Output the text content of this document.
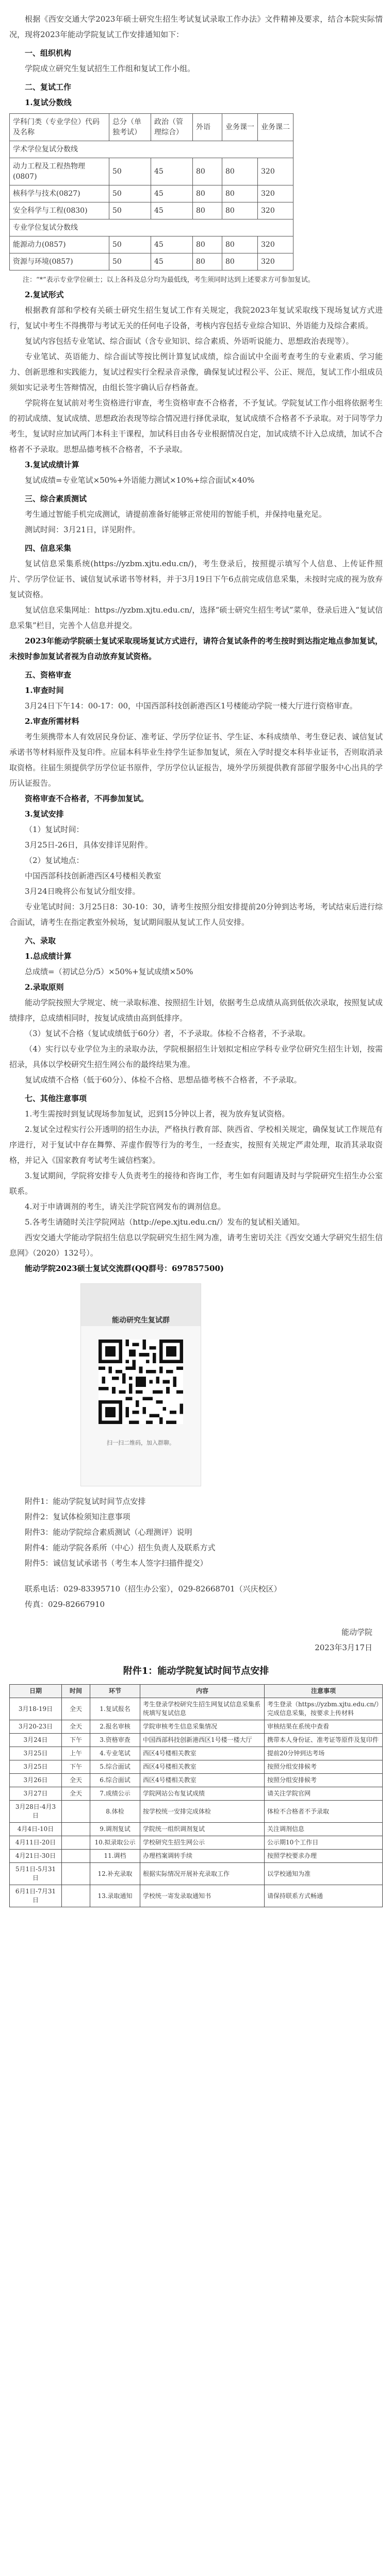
根据《西安交通大学2023年硕士研究生招生考试复试录取工作办法》文件精神及要求，结合本院实际情况，现将2023年能动学院复试工作安排通知如下：

一、组织机构

学院成立研究生复试招生工作组和复试工作小组。

二、复试工作

1.复试分数线

学科门类（专业学位）代码及名称	总分（单独考试）	政治（管理综合）	外语	业务课一	业务课二
学术学位复试分数线					
动力工程及工程热物理(0807)	50	45	80	80	320
核科学与技术(0827)	50	45	80	80	320
安全科学与工程(0830)	50	45	80	80	320
专业学位复试分数线					
能源动力(0857)	50	45	80	80	320
资源与环境(0857)	50	45	80	80	320

注：“*”表示专业学位硕士；以上各科及总分均为最低线，考生须同时达到上述要求方可参加复试。

2.复试形式

根据教育部和学校有关硕士研究生招生复试工作有关规定，我院2023年复试采取线下现场复试方式进行，复试中考生不得携带与考试无关的任何电子设备，考核内容包括专业综合知识、外语能力及综合素质。

复试内容包括专业笔试、综合面试（含专业知识、综合素质、外语听说能力、思想政治表现等）。

专业笔试、英语能力、综合面试等按比例计算复试成绩，综合面试中全面考查考生的专业素质、学习能力、创新思维和实践能力，复试过程实行全程录音录像，确保复试过程公平、公正、规范，复试工作小组成员须如实记录考生答辩情况，由组长签字确认后存档备查。

学院将在复试前对考生资格进行审查，考生资格审查不合格者，不予复试。学院复试工作小组将依据考生的初试成绩、复试成绩、思想政治表现等综合情况进行择优录取，复试成绩不合格者不予录取。对于同等学力考生，复试时应加试两门本科主干课程，加试科目由各专业根据情况自定，加试成绩不计入总成绩，加试不合格者不予录取。思想品德考核不合格者，不予录取。

3.复试成绩计算

复试成绩=专业笔试×50%+外语能力测试×10%+综合面试×40%

三、综合素质测试

考生通过智能手机完成测试，请提前准备好能够正常使用的智能手机，并保持电量充足。

测试时间：3月21日，详见附件。

四、信息采集

复试信息采集系统(https://yzbm.xjtu.edu.cn/)，考生登录后，按照提示填写个人信息、上传证件照片、学历学位证书、诚信复试承诺书等材料，并于3月19日下午6点前完成信息采集，未按时完成的视为放弃复试资格。

复试信息采集网址：https://yzbm.xjtu.edu.cn/，选择“硕士研究生招生考试”菜单，登录后进入“复试信息采集”栏目，完善个人信息并提交。

2023年能动学院硕士复试采取现场复试方式进行，请符合复试条件的考生按时到达指定地点参加复试，未按时参加复试者视为自动放弃复试资格。

五、资格审查

1.审查时间

3月24日下午14：00-17：00，中国西部科技创新港西区1号楼能动学院一楼大厅进行资格审查。

2.审查所需材料

考生须携带本人有效居民身份证、准考证、学历学位证书、学生证、本科成绩单、考生登记表、诚信复试承诺书等材料原件及复印件。应届本科毕业生持学生证参加复试，须在入学时提交本科毕业证书，否则取消录取资格。往届生须提供学历学位证书原件，学历学位认证报告，境外学历须提供教育部留学服务中心出具的学历认证报告。

资格审查不合格者，不再参加复试。

3.复试安排

（1）复试时间：

3月25日-26日，具体安排详见附件。

（2）复试地点：

中国西部科技创新港西区4号楼相关教室

3月24日晚将公布复试分组安排。

专业笔试时间：3月25日8：30-10：30，请考生按照分组安排提前20分钟到达考场，考试结束后进行综合面试，请考生在指定教室外候场，复试期间服从复试工作人员安排。

六、录取

1.总成绩计算

总成绩=（初试总分/5）×50%+复试成绩×50%

2.录取原则

能动学院按照大学规定、统一录取标准、按照招生计划，依据考生总成绩从高到低依次录取，按照复试成绩排序，总成绩相同时，按复试成绩由高到低排序。

（3）复试不合格（复试成绩低于60分）者，不予录取。体检不合格者，不予录取。

（4）实行以专业学位为主的录取办法，学院根据招生计划拟定相应学科专业学位研究生招生计划，按需招录，具体以学校研究生招生网公布的最终结果为准。

复试成绩不合格（低于60分）、体检不合格、思想品德考核不合格者，不予录取。

七、其他注意事项

1.考生需按时到复试现场参加复试，迟到15分钟以上者，视为放弃复试资格。

2.复试全过程实行公开透明的招生办法，严格执行教育部、陕西省、学校相关规定，确保复试工作规范有序进行，对于复试中存在舞弊、弄虚作假等行为的考生，一经查实，按照有关规定严肃处理，取消其录取资格，并记入《国家教育考试考生诚信档案》。

3.复试期间，学院将安排专人负责考生的接待和咨询工作，考生如有问题请及时与学院研究生招生办公室联系。

4.对于申请调剂的考生，请关注学院官网发布的调剂信息。

5.各考生请随时关注学院网站（http://epe.xjtu.edu.cn/）发布的复试相关通知。

西安交通大学能动学院招生信息以学院研究生招生网为准，请考生密切关注《西安交通大学研究生招生信息网》（2020）132号）。

能动学院2023硕士复试交流群(QQ群号：697857500)

能动研究生复试群
扫一扫二维码，加入群聊。

附件1：能动学院复试时间节点安排

附件2：复试体检须知注意事项

附件3：能动学院综合素质测试（心理测评）说明

附件4：能动学院各系所（中心）招生负责人及联系方式

附件5：诚信复试承诺书（考生本人签字扫描件提交）

联系电话：029-83395710（招生办公室），029-82668701（兴庆校区）

传真：029-82667910

能动学院

2023年3月17日

附件1：能动学院复试时间节点安排

日期	时间	环节	内容	注意事项
3月18-19日	全天	1.复试报名	考生登录学校研究生招生网复试信息采集系统填写复试信息	考生登录（https://yzbm.xjtu.edu.cn/）完成信息采集，按要求上传材料
3月20-23日	全天	2.报名审核	学院审核考生信息采集情况	审核结果在系统中查看
3月24日	下午	3.资格审查	中国西部科技创新港西区1号楼一楼大厅	携带本人身份证、准考证等原件及复印件
3月25日	上午	4.专业笔试	西区4号楼相关教室	提前20分钟到达考场
3月25日	下午	5.综合面试	西区4号楼相关教室	按照分组安排候考
3月26日	全天	6.综合面试	西区4号楼相关教室	按照分组安排候考
3月27日	全天	7.成绩公示	学院网站公布复试成绩	请关注学院官网
3月28日-4月3日		8.体检	按学校统一安排完成体检	体检不合格者不予录取
4月4日-10日		9.调剂复试	学院统一组织调剂复试	关注调剂信息
4月11日-20日		10.拟录取公示	学校研究生招生网公示	公示期10个工作日
4月21日-30日		11.调档	办理档案调转手续	按照学校要求办理
5月1日-5月31日		12.补充录取	根据实际情况开展补充录取工作	以学校通知为准
6月1日-7月31日		13.录取通知	学校统一寄发录取通知书	请保持联系方式畅通
